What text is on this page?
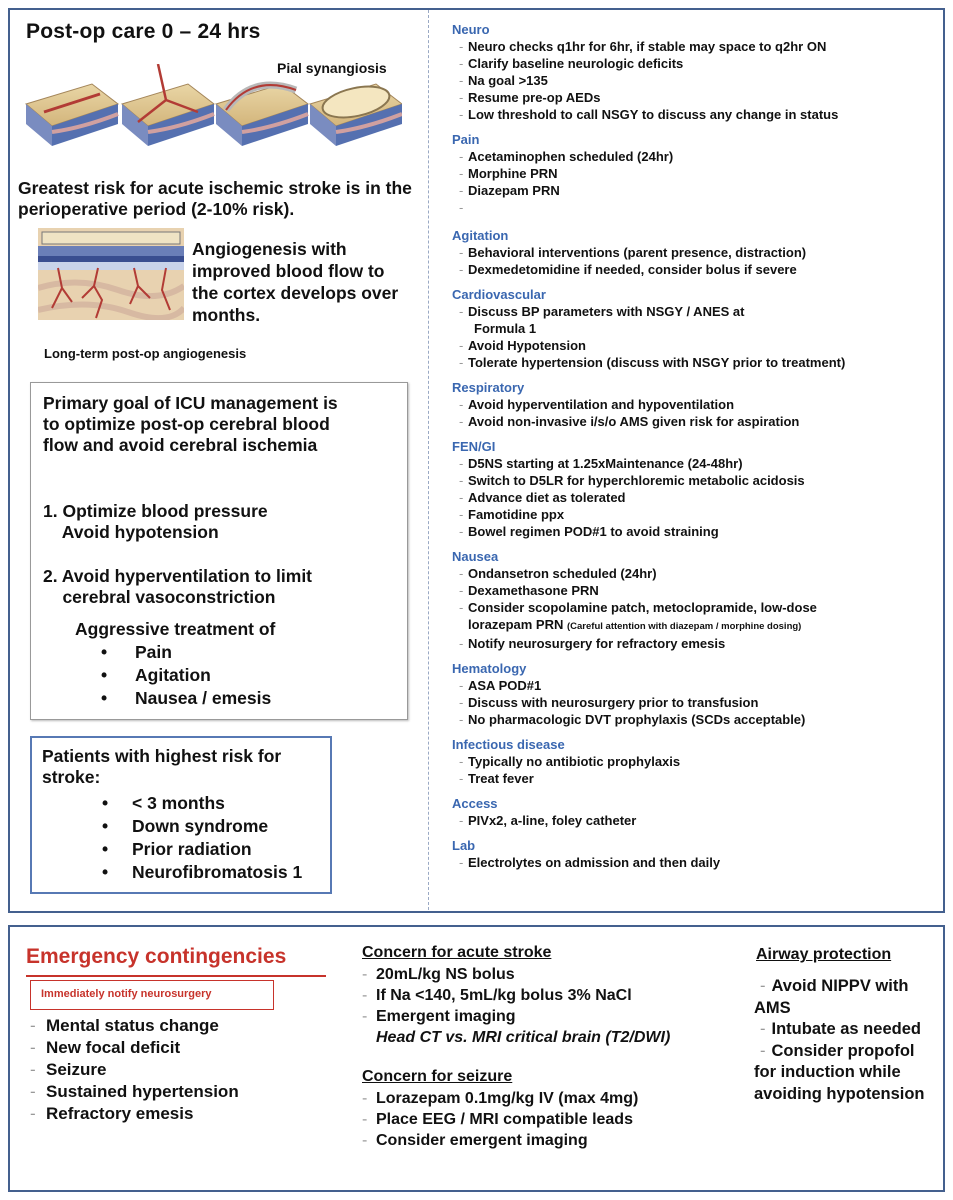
Post-op care 0 – 24 hrs
Pial synangiosis
Greatest risk for acute ischemic stroke is in the perioperative period (2-10% risk).
Angiogenesis with improved blood flow to the cortex develops over months.
Long-term post-op angiogenesis
Primary goal of ICU management is to optimize post-op cerebral blood flow and avoid cerebral ischemia
1. Optimize blood pressure
Avoid hypotension
2. Avoid hyperventilation to limit
cerebral vasoconstriction
Aggressive treatment of
• Pain
• Agitation
• Nausea / emesis
Patients with highest risk for stroke:
• < 3 months
• Down syndrome
• Prior radiation
• Neurofibromatosis 1
Neuro
- Neuro checks q1hr for 6hr, if stable may space to q2hr ON
- Clarify baseline neurologic deficits
- Na goal >135
- Resume pre-op AEDs
- Low threshold to call NSGY to discuss any change in status
Pain
- Acetaminophen scheduled (24hr)
- Morphine PRN
- Diazepam PRN
-
Agitation
- Behavioral interventions (parent presence, distraction)
- Dexmedetomidine if needed, consider bolus if severe
Cardiovascular
- Discuss BP parameters with NSGY / ANES at
Formula 1
- Avoid Hypotension
- Tolerate hypertension (discuss with NSGY prior to treatment)
Respiratory
- Avoid hyperventilation and hypoventilation
- Avoid non-invasive i/s/o AMS given risk for aspiration
FEN/GI
- D5NS starting at 1.25xMaintenance (24-48hr)
- Switch to D5LR for hyperchloremic metabolic acidosis
- Advance diet as tolerated
- Famotidine ppx
- Bowel regimen POD#1 to avoid straining
Nausea
- Ondansetron scheduled (24hr)
- Dexamethasone PRN
- Consider scopolamine patch, metoclopramide, low-dose
lorazepam PRN (Careful attention with diazepam / morphine dosing)
- Notify neurosurgery for refractory emesis
Hematology
- ASA POD#1
- Discuss with neurosurgery prior to transfusion
- No pharmacologic DVT prophylaxis (SCDs acceptable)
Infectious disease
- Typically no antibiotic prophylaxis
- Treat fever
Access
- PIVx2, a-line, foley catheter
Lab
- Electrolytes on admission and then daily
Emergency contingencies
Immediately notify neurosurgery
- Mental status change
- New focal deficit
- Seizure
- Sustained hypertension
- Refractory emesis
Concern for acute stroke
- 20mL/kg NS bolus
- If Na <140, 5mL/kg bolus 3% NaCl
- Emergent imaging
Head CT vs. MRI critical brain (T2/DWI)
Concern for seizure
- Lorazepam 0.1mg/kg IV (max 4mg)
- Place EEG / MRI compatible leads
- Consider emergent imaging
Airway protection
- Avoid NIPPV with AMS
- Intubate as needed
- Consider propofol for induction while avoiding hypotension
